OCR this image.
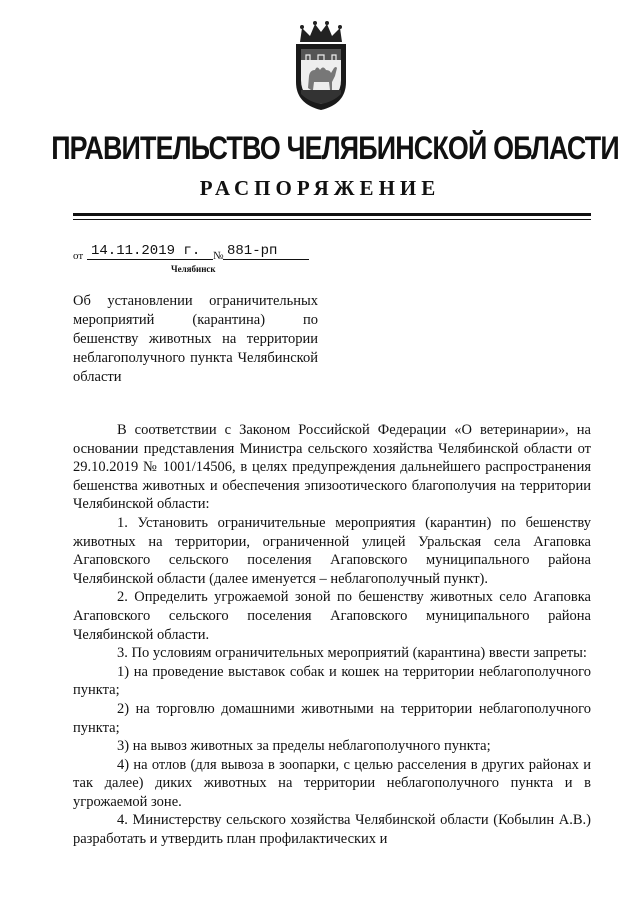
ПРАВИТЕЛЬСТВО ЧЕЛЯБИНСКОЙ ОБЛАСТИ
РАСПОРЯЖЕНИЕ
от 14.11.2019 г.	№ 881-рп
Челябинск
Об установлении ограничительных мероприятий (карантина) по бешенству животных на территории неблагополучного пункта Челябинской области

В соответствии с Законом Российской Федерации «О ветеринарии», на основании представления Министра сельского хозяйства Челябинской области от 29.10.2019 № 1001/14506, в целях предупреждения дальнейшего распространения бешенства животных и обеспечения эпизоотического благополучия на территории Челябинской области:

1. Установить ограничительные мероприятия (карантин) по бешенству животных на территории, ограниченной улицей Уральская села Агаповка Агаповского сельского поселения Агаповского муниципального района Челябинской области (далее именуется – неблагополучный пункт).

2. Определить угрожаемой зоной по бешенству животных село Агаповка Агаповского сельского поселения Агаповского муниципального района Челябинской области.

3. По условиям ограничительных мероприятий (карантина) ввести запреты:

1) на проведение выставок собак и кошек на территории неблагополучного пункта;

2) на торговлю домашними животными на территории неблагополучного пункта;

3) на вывоз животных за пределы неблагополучного пункта;

4) на отлов (для вывоза в зоопарки, с целью расселения в других районах и так далее) диких животных на территории неблагополучного пункта и в угрожаемой зоне.

4. Министерству сельского хозяйства Челябинской области (Кобылин А.В.) разработать и утвердить план профилактических и
